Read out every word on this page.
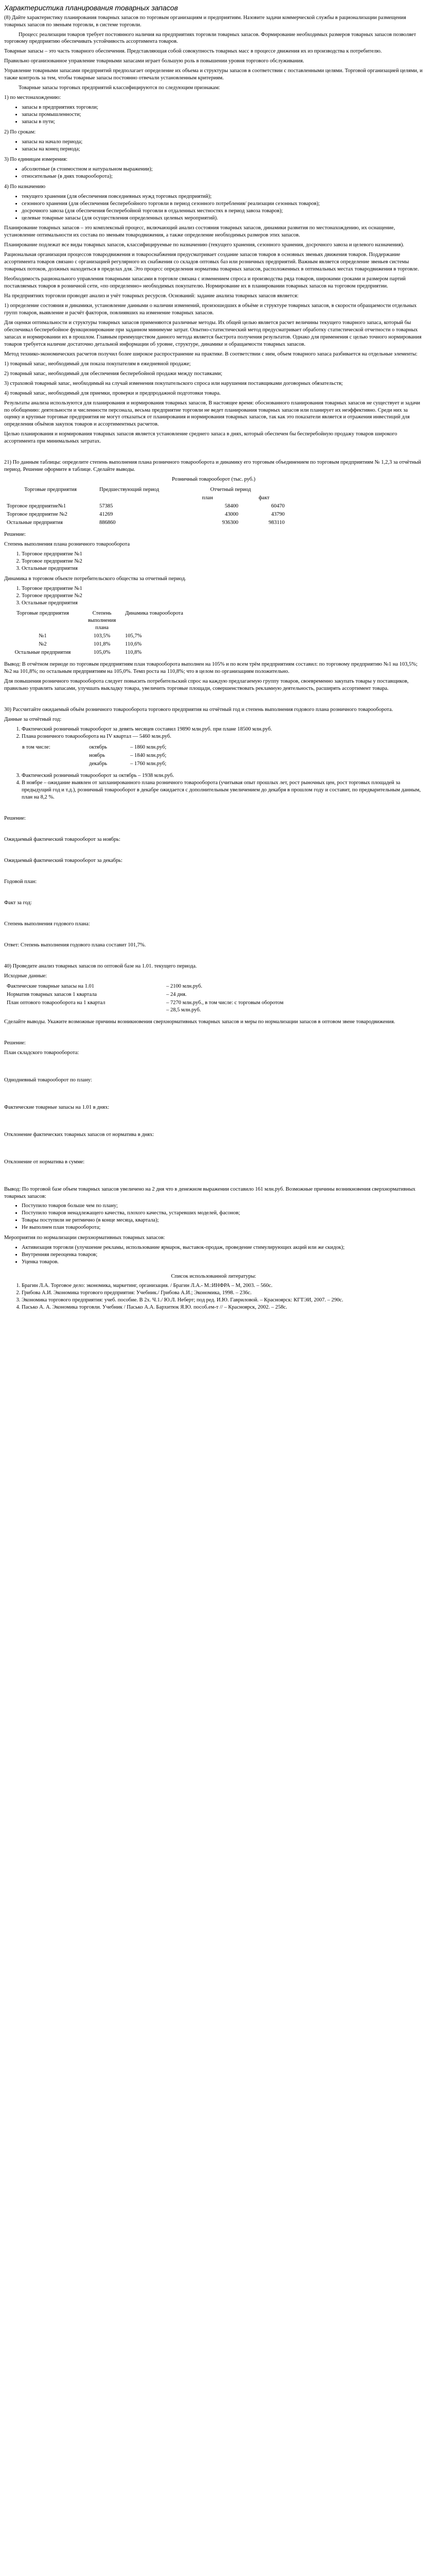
Характеристика планирования товарных запасов

(8) Дайте характеристику планирования товарных запасов по торговым организациям и предприятиям. Назовите задачи коммерческой службы в рационализации размещения товарных запасов по звеньям торговли, в системе торговли.

Процесс реализации товаров требует постоянного наличия на предприятиях торговли товарных запасов. Формирование необходимых размеров товарных запасов позволяет торговому предприятию обеспечивать устойчивость ассортимента товаров.

Товарные запасы – это часть товарного обеспечения. Представляющая собой совокупность товарных масс в процессе движения их из производства к потребителю.

Правильно организованное управление товарными запасами играет большую роль в повышении уровня торгового обслуживания.

Управление товарными запасами предприятий предполагает определение их объема и структуры запасов в соответствии с поставленными целями. Торговой организацией целями, и также контроль за тем, чтобы товарные запасы постоянно отвечали установленным критериям.

Товарные запасы торговых предприятий классифицируются по следующим признакам:

1) по местонахождению:

• запасы в предприятиях торговли;
• запасы промышленности;
• запасы в пути;

2) По срокам:

• запасы на начало периода;
• запасы на конец периода;

3) По единицам измерения:

• абсолютные (в стоимостном и натуральном выражении);
• относительные (в днях товарооборота);

4) По назначению

• текущего хранения (для обеспечения повседневных нужд торговых предприятий);
• сезонного хранения (для обеспечения бесперебойного торговли в период сезонного потребления/ реализации сезонных товаров);
• досрочного завоза (для обеспечения бесперебойной торговли в отдаленных местностях в период завоза товаров);
• целевые товарные запасы (для осуществления определенных целевых мероприятий).

Планирование товарных запасов – это комплексный процесс, включающий анализ состояния товарных запасов, динамики развития по местонахождению, их оснащение, установление оптимальности их состава по звеньям товародвижения, а также определение необходимых размеров этих запасов.

Планирование подлежат все виды товарных запасов, классифицируемые по назначению (текущего хранения, сезонного хранения, досрочного завоза и целевого назначения).

Рациональная организация процессов товародвижения и товароснабжения предусматривает создание запасов товаров в основных звеньях движения товаров. Поддержание ассортимента товаров связано с организацией регулярного их снабжения со складов оптовых баз или розничных предприятий. Важным является определение звеньев системы товарных потоков, должных находиться в пределах для. Это процесс определения норматива товарных запасов, расположенных в оптимальных местах товародвижения в торговле.

Необходимость рационального управления товарными запасами в торговле связана с изменением спроса и производства ряда товаров, широкими сроками и размером партий поставляемых товаров в розничной сети, «по определенно» необходимых покупателю. Нормирование их в планировании товарных запасов на торговом предприятии.

На предприятиях торговли проводят анализ и учёт товарных ресурсов. Оснований: задание анализа товарных запасов является:

1) определение состояния и динамики, установление данными о наличии изменений, произошедших в объёме и структуре товарных запасов, в скорости обращаемости отдельных групп товаров, выявление и расчёт факторов, повлиявших на изменение товарных запасов.

Для оценки оптимальности и структуры товарных запасов применяются различные методы. Их общей целью является расчет величины текущего товарного запаса, который бы обеспечивал бесперебойное функционирование при заданном минимуме затрат. Опытно-статистический метод предусматривает обработку статистической отчетности о товарных запасах и нормировании их в прошлом. Главным преимуществом данного метода является быстрота получения результатов. Однако для применения с целью точного нормирования товаров требуется наличие достаточно детальной информации об уровне, структуре, динамике и обращаемости товарных запасов.

Метод технико-экономических расчетов получил более широкое распространение на практике. В соответствии с ним, объем товарного запаса разбивается на отдельные элементы:

1) товарный запас, необходимый для показа покупателям в ежедневной продаже;

2) товарный запас, необходимый для обеспечения бесперебойной продажи между поставками;

3) страховой товарный запас, необходимый на случай изменения покупательского спроса или нарушения поставщиками договорных обязательств;

4) товарный запас, необходимый для приемки, проверки и предпродажной подготовки товара.

Результаты анализа используются для планирования и нормирования товарных запасов, В настоящее время: обоснованного планирования товарных запасов не существует и задачи по обобщению: деятельности и численности персонала, весьма предприятие торговли не ведет планирования товарных запасов или планирует их неэффективно. Среди них за оценку и крупные торговые предприятия не могут отказаться от планирования и нормирования товарных запасов, так как это показатели является и отражения инвестиций для определения объёмов закупок товаров и ассортиментных расчетов.

Целью планирования и нормирования товарных запасов является установление среднего запаса в днях, который обеспечен бы бесперебойную продажу товаров широкого ассортимента при минимальных затратах.

21) По данным таблицы: определите степень выполнения плана розничного товарооборота и динамику его торговым объединением по торговым предприятиям № 1,2,3 за отчётный период. Решение оформите в таблице. Сделайте выводы.

Розничный товарооборот (тыс. руб.)

Торговые предприятия	Предшествующий период	Отчетный период	
		план	факт
Торговое предприятие№1	57385	58400	60470
Торговое предприятие №2	41269	43000	43790
Остальные предприятия	886860	936300	983110

Решение:

Степень выполнения плана розничного товарооборота

1. Торговое предприятие №1
2. Торговое предприятие №2
3. Остальные предприятия

Динамика в торговом объекте потребительского общества за отчетный период.

1. Торговое предприятие №1
2. Торговое предприятие №2
3. Остальные предприятия
Торговые предприятия	Степень выполнения плана	Динамика товарооборота
№1	103,5%	105,7%
№2	101,8%	110,6%
Остальные предприятия	105,0%	110,8%

Вывод: В отчётном периоде по торговым предприятиям план товарооборота выполнен на 105% и по всем трём предприятиям составил: по торговому предприятию №1 на 103,5%; №2 на 101,8%; по остальным предприятиям на 105,0%. Темп роста на 110,8%; что в целом по организациям положительно.

Для повышения розничного товарооборота следует повысить потребительский спрос на каждую предлагаемую группу товаров, своевременно закупать товары у поставщиков, правильно управлять запасами, улучшать выкладку товара, увеличить торговые площади, совершенствовать рекламную деятельность, расширять ассортимент товара.

30) Рассчитайте ожидаемый объём розничного товарооборота торгового предприятия на отчётный год и степень выполнения годового плана розничного товарооборота.

Данные за отчётный год:

1. Фактический розничный товарооборот за девять месяцев составил 19890 млн.руб. при плане 18500 млн.руб.
2. Плана розничного товарооборота на IV квартал — 5460 млн.руб.
в том числе:	октябрь	– 1860 млн.руб;
	ноябрь	– 1840 млн.руб;
	декабрь	– 1760 млн.руб;
3. Фактический розничный товарооборот за октябрь – 1938 млн.руб.
4. В ноябре – ожидание выявлен от запланированного плана розничного товарооборота (учитывая опыт прошлых лет, рост рыночных цен, рост торговых площадей за предыдущий год и т.д.), розничный товарооборот в декабре ожидается с дополнительным увеличением до декабря в прошлом году и составит, по предварительным данным, план на 8,2 %.

Решение:

Ожидаемый фактический товарооборот за ноябрь:

Ожидаемый фактический товарооборот за декабрь:

Годовой план:

Факт за год:

Степень выполнения годового плана:

Ответ: Степень выполнения годового плана составит 101,7%.

40) Проведите анализ товарных запасов по оптовой базе на 1.01. текущего периода.

Исходные данные:

Фактические товарные запасы на 1.01	– 2100 млн.руб.
Норматив товарных запасов 1 квартала	– 24 дня.
План оптового товарооборота на 1 квартал	– 7270 млн.руб., в том числе: с торговым оборотом
– 28,5 млн.руб.

Сделайте выводы. Укажите возможные причины возникновения сверхнормативных товарных запасов и меры по нормализации запасов в оптовом звене товародвижения.

Решение:

План складского товарооборота:

Однодневный товарооборот по плану:

Фактические товарные запасы на 1.01 в днях:

Отклонение фактических товарных запасов от норматива в днях:

Отклонение от норматива в сумме:

Вывод: По торговой базе объем товарных запасов увеличено на 2 дня что в денежном выражении составило 161 млн.руб. Возможные причины возникновения сверхнормативных товарных запасов:

• Поступило товаров больше чем по плану;
• Поступило товаров ненадлежащего качества, плохого качества, устаревших моделей, фасонов;
• Товары поступили не ритмично (в конце месяца, квартала);
• Не выполнен план товарооборота;

Мероприятия по нормализации сверхнормативных товарных запасов:

• Активизация торговли (улучшение рекламы, использование ярмарок, выставок-продаж, проведение стимулирующих акций или же скидок);
• Внутренняя переоценка товаров;
• Уценка товаров.

Список использованной литературы:

1. Брагин Л.А. Торговое дело: экономика, маркетинг, организация. / Брагин Л.А.- М.:ИНФРА – М, 2003. – 560с.
2. Грибова А.И. Экономика торгового предприятия: Учебник./ Грибова А.И.; Экономика, 1998. – 236с.
3. Экономика торгового предприятия: учеб. пособие. В 2х. Ч.1./ Ю.Л. Неберт; под ред. И.Ю. Гавриловой. – Красноярск: КГТЭИ, 2007. – 290с.
4. Пасько А. А. Экономика торговли. Учебник / Пасько А.А. Бархитюк Я.Ю. пособ.ем-т // – Красноярск, 2002. – 258с.
